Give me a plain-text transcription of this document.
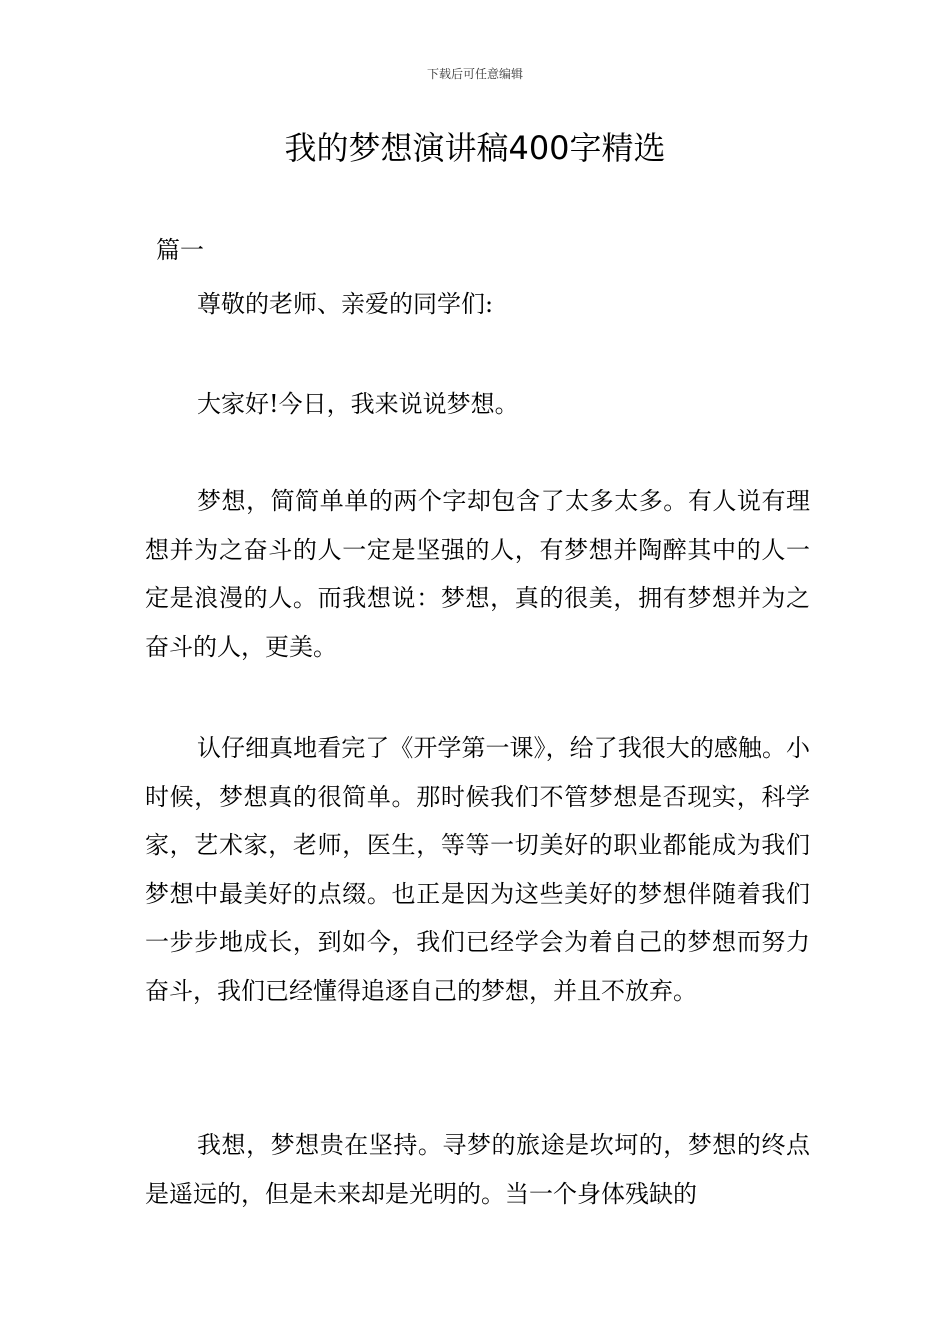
下载后可任意编辑
我的梦想演讲稿400字精选
篇一

尊敬的老师、亲爱的同学们:

大家好!今日，我来说说梦想。

梦想，简简单单的两个字却包含了太多太多。有人说有理想并为之奋斗的人一定是坚强的人，有梦想并陶醉其中的人一定是浪漫的人。而我想说：梦想，真的很美，拥有梦想并为之奋斗的人，更美。

认仔细真地看完了《开学第一课》，给了我很大的感触。小时候，梦想真的很简单。那时候我们不管梦想是否现实，科学家，艺术家，老师，医生，等等一切美好的职业都能成为我们梦想中最美好的点缀。也正是因为这些美好的梦想伴随着我们一步步地成长，到如今，我们已经学会为着自己的梦想而努力奋斗，我们已经懂得追逐自己的梦想，并且不放弃。

我想，梦想贵在坚持。寻梦的旅途是坎坷的，梦想的终点是遥远的，但是未来却是光明的。当一个身体残缺的
